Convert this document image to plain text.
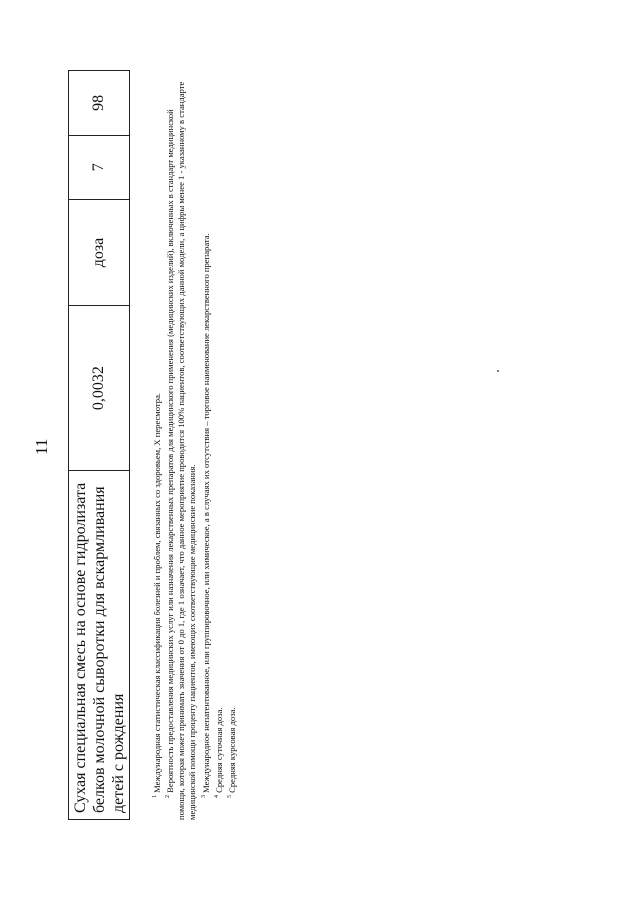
11
Сухая специальная смесь на основе гидролизата белков молочной сыворотки для вскармливания детей с рождения
0,0032
доза
7
98

$^1$ Международная статистическая классификация болезней и проблем, связанных со здоровьем, X пересмотра.

$^2$ Вероятность предоставления медицинских услуг или назначения лекарственных препаратов для медицинского применения (медицинских изделий), включенных в стандарт медицинской помощи, которая может принимать значения от 0 до 1, где 1 означает, что данное мероприятие проводится 100% пациентов, соответствующих данной модели, а цифры менее 1 - указанному в стандарте медицинской помощи проценту пациентов, имеющих соответствующие медицинские показания. $^3$ Международное непатентованное, или группировочное, или химическое, а в случаях их отсутствия – торговое наименование лекарственного препарата.

$^4$ Средняя суточная доза.

$^5$ Средняя курсовая доза.
